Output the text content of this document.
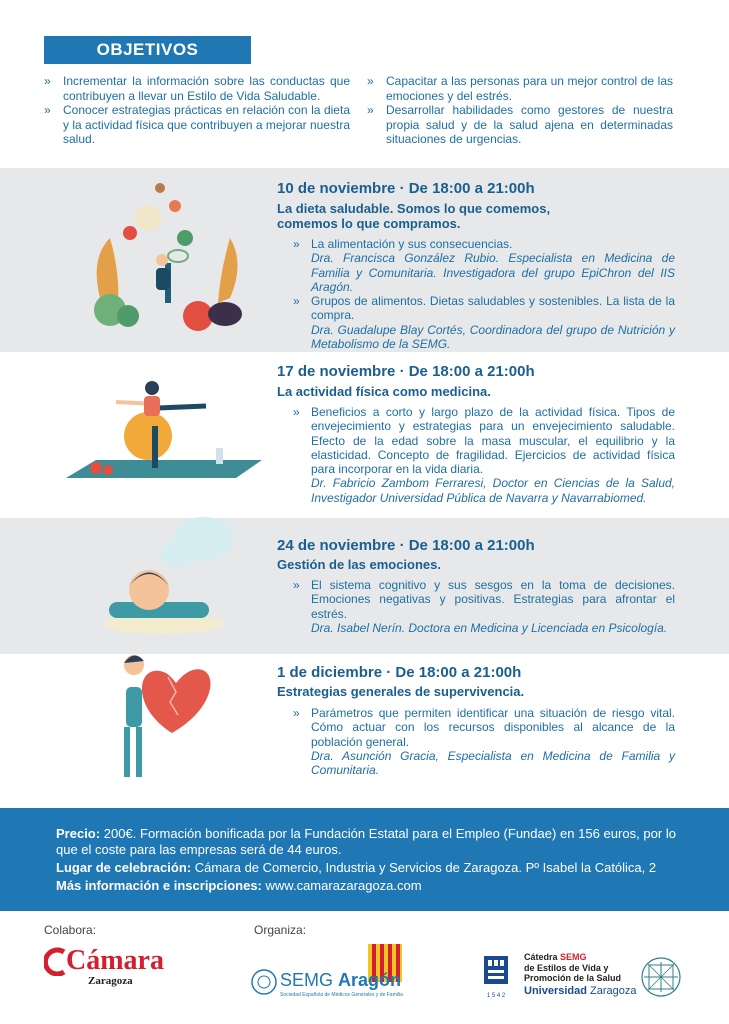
OBJETIVOS
» Incrementar la información sobre las conductas que contribuyen a llevar un Estilo de Vida Saludable.
» Conocer estrategias prácticas en relación con la dieta y la actividad física que contribuyen a mejorar nuestra salud.
» Capacitar a las personas para un mejor control de las emociones y del estrés.
» Desarrollar habilidades como gestores de nuestra propia salud y de la salud ajena en determinadas situaciones de urgencias.
10 de noviembre · De 18:00 a 21:00h
La dieta saludable. Somos lo que comemos, comemos lo que compramos.
» La alimentación y sus consecuencias.
Dra. Francisca González Rubio. Especialista en Medicina de Familia y Comunitaria. Investigadora del grupo EpiChron del IIS Aragón.
» Grupos de alimentos. Dietas saludables y sostenibles. La lista de la compra.
Dra. Guadalupe Blay Cortés, Coordinadora del grupo de Nutrición y Metabolismo de la SEMG.
17 de noviembre · De 18:00 a 21:00h
La actividad física como medicina.
» Beneficios a corto y largo plazo de la actividad física. Tipos de envejecimiento y estrategias para un envejecimiento saludable. Efecto de la edad sobre la masa muscular, el equilibrio y la elasticidad. Concepto de fragilidad. Ejercicios de actividad física para incorporar en la vida diaria.
Dr. Fabricio Zambom Ferraresi, Doctor en Ciencias de la Salud, Investigador Universidad Pública de Navarra y Navarrabiomed.
24 de noviembre · De 18:00 a 21:00h
Gestión de las emociones.
» El sistema cognitivo y sus sesgos en la toma de decisiones. Emociones negativas y positivas. Estrategias para afrontar el estrés.
Dra. Isabel Nerín. Doctora en Medicina y Licenciada en Psicología.
1 de diciembre · De 18:00 a 21:00h
Estrategias generales de supervivencia.
» Parámetros que permiten identificar una situación de riesgo vital. Cómo actuar con los recursos disponibles al alcance de la población general.
Dra. Asunción Gracia, Especialista en Medicina de Familia y Comunitaria.

Precio: 200€. Formación bonificada por la Fundación Estatal para el Empleo (Fundae) en 156 euros, por lo que el coste para las empresas será de 44 euros.

Lugar de celebración: Cámara de Comercio, Industria y Servicios de Zaragoza. Pº Isabel la Católica, 2

Más información e inscripciones: www.camarazaragoza.com

Colabora:	Organiza:
Cámara
Zaragoza	SEMG Aragón
Sociedad Española de Médicos Generales y de Familia	1 5 4 2
Cátedra SEMG
de Estilos de Vida y
Promoción de la Salud
Universidad Zaragoza
